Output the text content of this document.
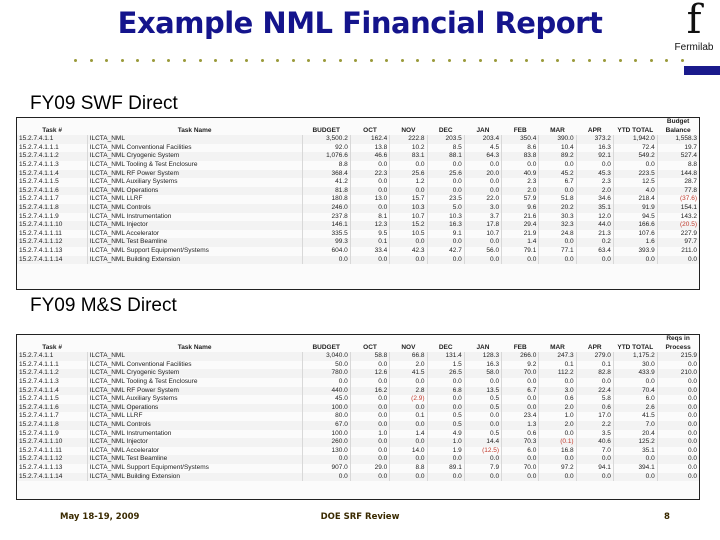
Example NML Financial Report	f
Fermilab
FY09 SWF Direct
Task #	Task Name	BUDGET	OCT	NOV	DEC	JAN	FEB	MAR	APR	YTD TOTAL	Budget Balance
15.2.7.4.1.1	ILCTA_NML	3,500.2	162.4	222.8	203.5	203.4	350.4	390.0	373.2	1,942.0	1,558.3
15.2.7.4.1.1.1	ILCTA_NML Conventional Facilities	92.0	13.8	10.2	8.5	4.5	8.6	10.4	16.3	72.4	19.7
15.2.7.4.1.1.2	ILCTA_NML Cryogenic System	1,076.6	46.6	83.1	88.1	64.3	83.8	89.2	92.1	549.2	527.4
15.2.7.4.1.1.3	ILCTA_NML Tooling & Test Enclosure	8.8	0.0	0.0	0.0	0.0	0.0	0.0	0.0	0.0	8.8
15.2.7.4.1.1.4	ILCTA_NML RF Power System	368.4	22.3	25.6	25.6	20.0	40.9	45.2	45.3	223.5	144.8
15.2.7.4.1.1.5	ILCTA_NML Auxiliary Systems	41.2	0.0	1.2	0.0	0.0	2.3	6.7	2.3	12.5	28.7
15.2.7.4.1.1.6	ILCTA_NML Operations	81.8	0.0	0.0	0.0	0.0	2.0	0.0	2.0	4.0	77.8
15.2.7.4.1.1.7	ILCTA_NML LLRF	180.8	13.0	15.7	23.5	22.0	57.9	51.8	34.6	218.4	(37.6)
15.2.7.4.1.1.8	ILCTA_NML Controls	246.0	0.0	10.3	5.0	3.0	9.6	20.2	35.1	91.9	154.1
15.2.7.4.1.1.9	ILCTA_NML Instrumentation	237.8	8.1	10.7	10.3	3.7	21.6	30.3	12.0	94.5	143.2
15.2.7.4.1.1.10	ILCTA_NML Injector	146.1	12.3	15.2	16.3	17.8	29.4	32.3	44.0	166.6	(20.5)
15.2.7.4.1.1.11	ILCTA_NML Accelerator	335.5	9.5	10.5	9.1	10.7	21.9	24.8	21.3	107.6	227.9
15.2.7.4.1.1.12	ILCTA_NML Test Beamline	99.3	0.1	0.0	0.0	0.0	1.4	0.0	0.2	1.6	97.7
15.2.7.4.1.1.13	ILCTA_NML Support Equipment/Systems	604.0	33.4	42.3	42.7	56.0	79.1	77.1	63.4	393.9	211.0
15.2.7.4.1.1.14	ILCTA_NML Building Extension	0.0	0.0	0.0	0.0	0.0	0.0	0.0	0.0	0.0	0.0
FY09 M&S Direct
Task #	Task Name	BUDGET	OCT	NOV	DEC	JAN	FEB	MAR	APR	YTD TOTAL	Reqs in Process
15.2.7.4.1.1	ILCTA_NML	3,040.0	58.8	66.8	131.4	128.3	266.0	247.3	279.0	1,175.2	215.9
15.2.7.4.1.1.1	ILCTA_NML Conventional Facilities	50.0	0.0	2.0	1.5	16.3	9.2	0.1	0.1	30.0	0.0
15.2.7.4.1.1.2	ILCTA_NML Cryogenic System	780.0	12.6	41.5	26.5	58.0	70.0	112.2	82.8	433.9	210.0
15.2.7.4.1.1.3	ILCTA_NML Tooling & Test Enclosure	0.0	0.0	0.0	0.0	0.0	0.0	0.0	0.0	0.0	0.0
15.2.7.4.1.1.4	ILCTA_NML RF Power System	440.0	16.2	2.8	6.8	13.5	6.7	3.0	22.4	70.4	0.0
15.2.7.4.1.1.5	ILCTA_NML Auxiliary Systems	45.0	0.0	(2.9)	0.0	0.5	0.0	0.6	5.8	6.0	0.0
15.2.7.4.1.1.6	ILCTA_NML Operations	100.0	0.0	0.0	0.0	0.5	0.0	2.0	0.6	2.6	0.0
15.2.7.4.1.1.7	ILCTA_NML LLRF	80.0	0.0	0.1	0.5	0.0	23.4	1.0	17.0	41.5	0.0
15.2.7.4.1.1.8	ILCTA_NML Controls	67.0	0.0	0.0	0.5	0.0	1.3	2.0	2.2	7.0	0.0
15.2.7.4.1.1.9	ILCTA_NML Instrumentation	100.0	1.0	1.4	4.9	0.5	0.6	0.0	3.5	20.4	0.0
15.2.7.4.1.1.10	ILCTA_NML Injector	260.0	0.0	0.0	1.0	14.4	70.3	(0.1)	40.6	125.2	0.0
15.2.7.4.1.1.11	ILCTA_NML Accelerator	130.0	0.0	14.0	1.9	(12.5)	6.0	16.8	7.0	35.1	0.0
15.2.7.4.1.1.12	ILCTA_NML Test Beamline	0.0	0.0	0.0	0.0	0.0	0.0	0.0	0.0	0.0	0.0
15.2.7.4.1.1.13	ILCTA_NML Support Equipment/Systems	907.0	29.0	8.8	89.1	7.9	70.0	97.2	94.1	394.1	0.0
15.2.7.4.1.1.14	ILCTA_NML Building Extension	0.0	0.0	0.0	0.0	0.0	0.0	0.0	0.0	0.0	0.0
May 18-19, 2009	DOE SRF Review	8
